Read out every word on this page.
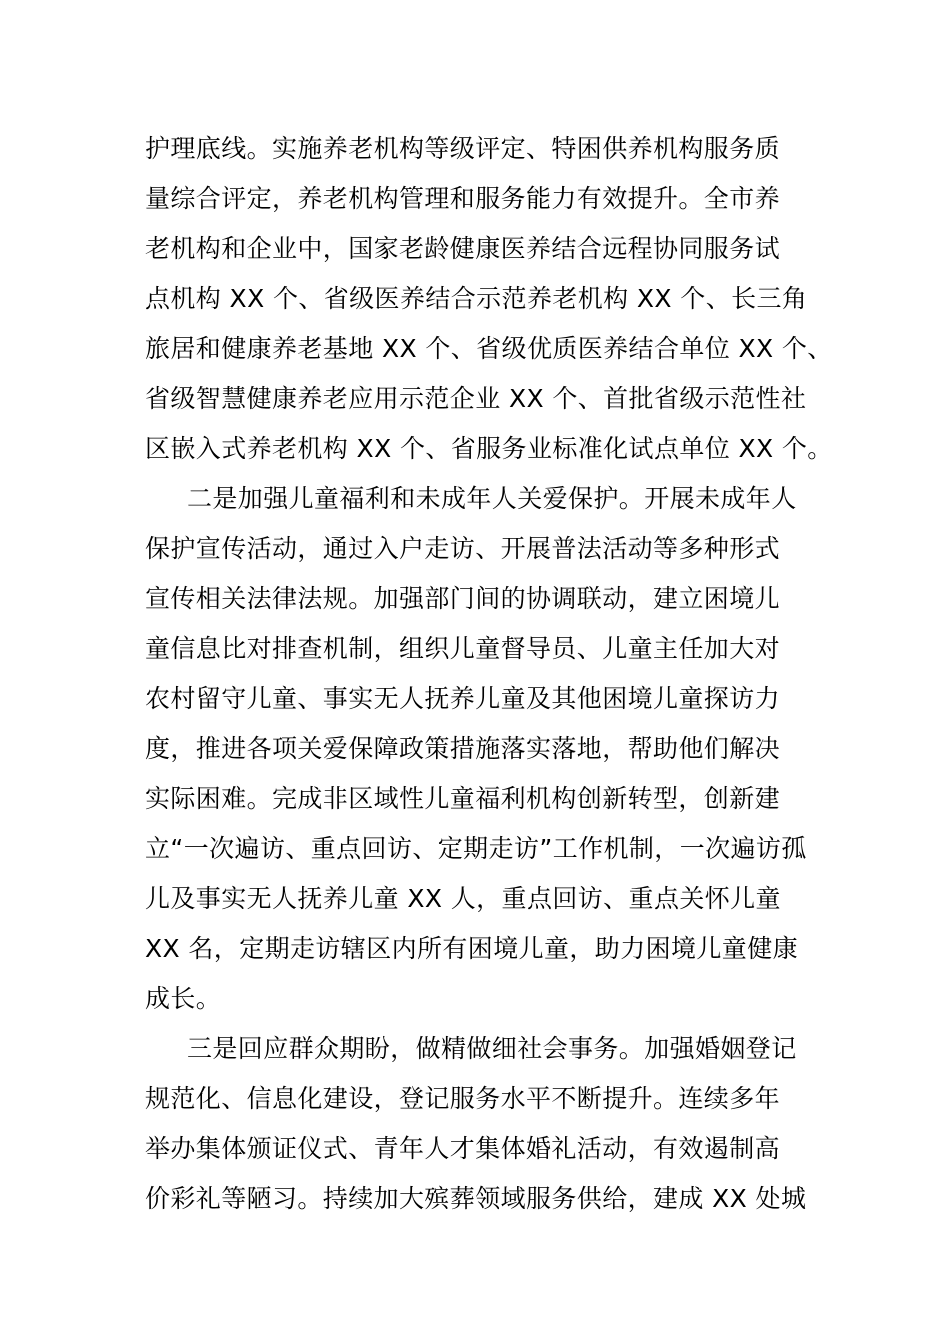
护理底线。实施养老机构等级评定、特困供养机构服务质
量综合评定，养老机构管理和服务能力有效提升。全市养
老机构和企业中，国家老龄健康医养结合远程协同服务试
点机构 XX 个、省级医养结合示范养老机构 XX 个、长三角
旅居和健康养老基地 XX 个、省级优质医养结合单位 XX 个、
省级智慧健康养老应用示范企业 XX 个、首批省级示范性社
区嵌入式养老机构 XX 个、省服务业标准化试点单位 XX 个。
二是加强儿童福利和未成年人关爱保护。开展未成年人
保护宣传活动，通过入户走访、开展普法活动等多种形式
宣传相关法律法规。加强部门间的协调联动，建立困境儿
童信息比对排查机制，组织儿童督导员、儿童主任加大对
农村留守儿童、事实无人抚养儿童及其他困境儿童探访力
度，推进各项关爱保障政策措施落实落地，帮助他们解决
实际困难。完成非区域性儿童福利机构创新转型，创新建
立“一次遍访、重点回访、定期走访”工作机制，一次遍访孤
儿及事实无人抚养儿童 XX 人，重点回访、重点关怀儿童
XX 名，定期走访辖区内所有困境儿童，助力困境儿童健康
成长。
三是回应群众期盼，做精做细社会事务。加强婚姻登记
规范化、信息化建设，登记服务水平不断提升。连续多年
举办集体颁证仪式、青年人才集体婚礼活动，有效遏制高
价彩礼等陋习。持续加大殡葬领域服务供给，建成 XX 处城
